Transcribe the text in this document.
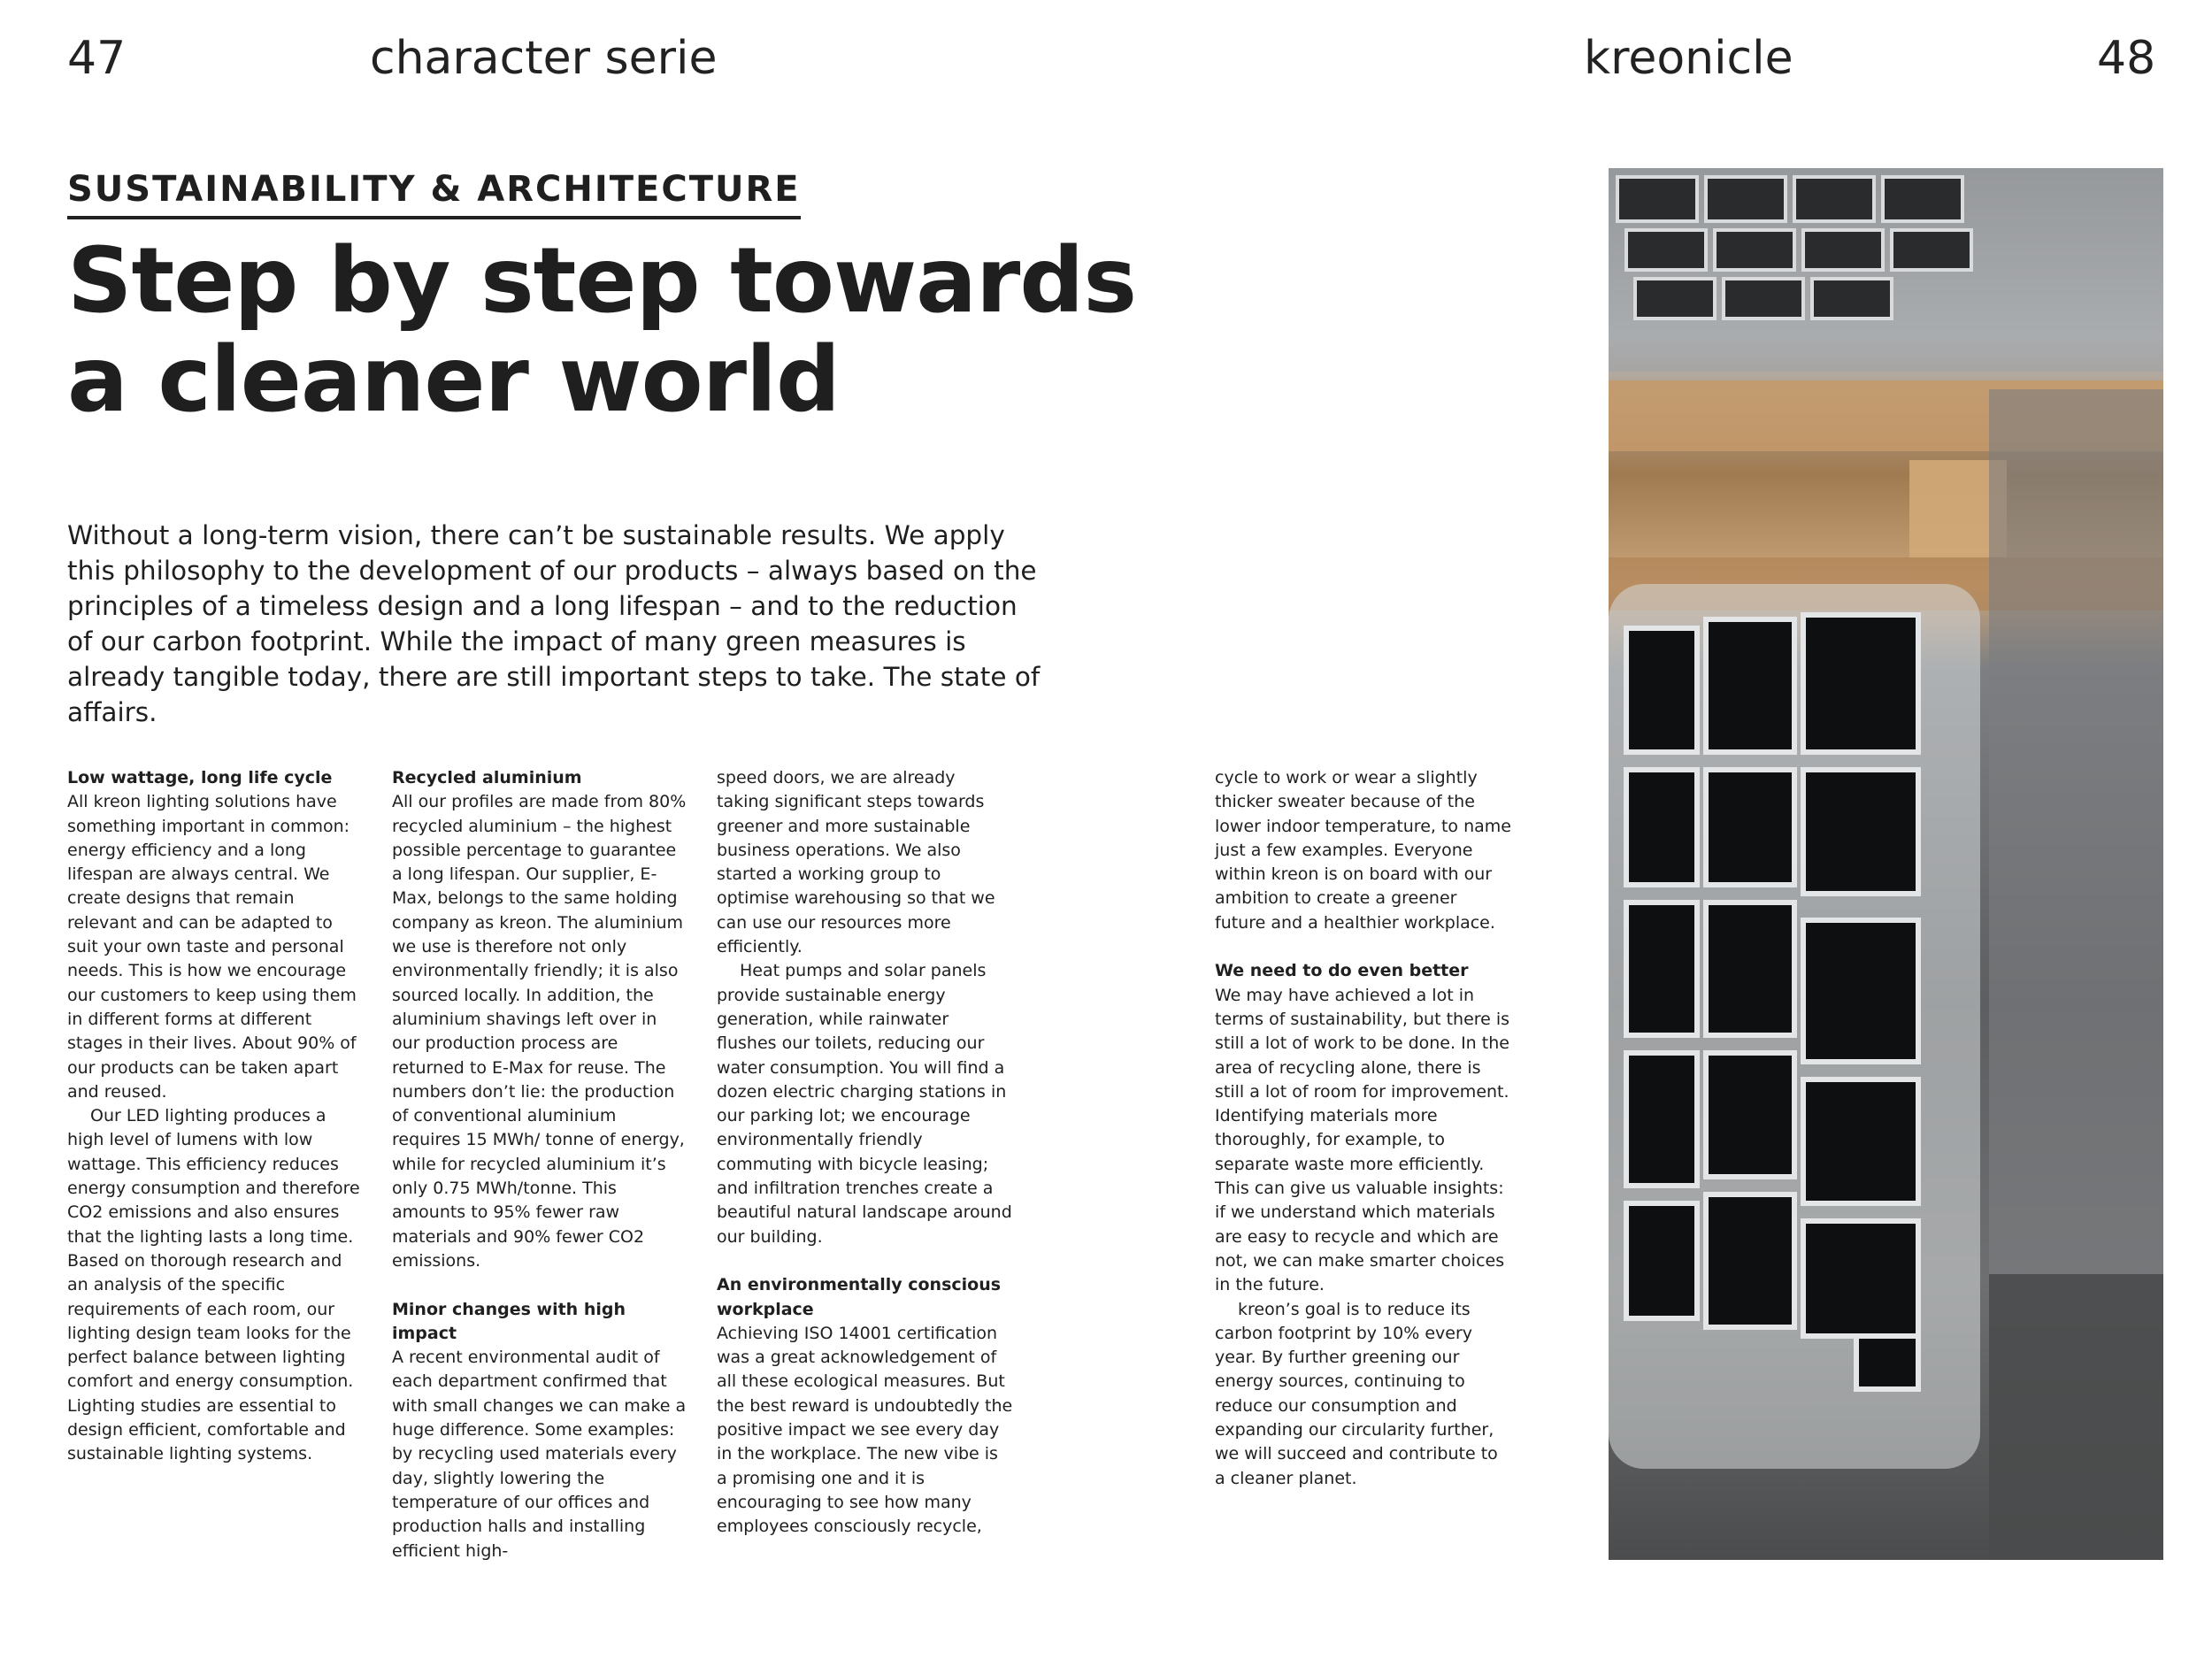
47	character serie	kreonicle	48
SUSTAINABILITY & ARCHITECTURE
Step by step towards
a cleaner world

Without a long-term vision, there can’t be sustainable results. We apply this philosophy to the development of our products – always based on the principles of a timeless design and a long lifespan – and to the reduction of our carbon footprint. While the impact of many green measures is already tangible today, there are still important steps to take. The state of affairs.

Low wattage, long life cycle

All kreon lighting solutions have something important in common: energy efficiency and a long lifespan are always central. We create designs that remain relevant and can be adapted to suit your own taste and personal needs. This is how we encourage our customers to keep using them in different forms at different stages in their lives. About 90% of our products can be taken apart and reused.

Our LED lighting produces a high level of lumens with low wattage. This efficiency reduces energy consumption and therefore CO2 emissions and also ensures that the lighting lasts a long time. Based on thorough research and an analysis of the specific requirements of each room, our lighting design team looks for the perfect balance between lighting comfort and energy consumption. Lighting studies are essential to design efficient, comfortable and sustainable lighting systems.

Recycled aluminium

All our profiles are made from 80% recycled aluminium – the highest possible percentage to guarantee a long lifespan. Our supplier, E-Max, belongs to the same holding company as kreon. The aluminium we use is therefore not only environmentally friendly; it is also sourced locally. In addition, the aluminium shavings left over in our production process are returned to E-Max for reuse. The numbers don’t lie: the production of conventional aluminium requires 15 MWh/ tonne of energy, while for recycled aluminium it’s only 0.75 MWh/tonne. This amounts to 95% fewer raw materials and 90% fewer CO2 emissions.

Minor changes with high impact

A recent environmental audit of each department confirmed that with small changes we can make a huge difference. Some examples: by recycling used materials every day, slightly lowering the temperature of our offices and production halls and installing efficient high-

speed doors, we are already taking significant steps towards greener and more sustainable business operations. We also started a working group to optimise warehousing so that we can use our resources more efficiently.

Heat pumps and solar panels provide sustainable energy generation, while rainwater flushes our toilets, reducing our water consumption. You will find a dozen electric charging stations in our parking lot; we encourage environmentally friendly commuting with bicycle leasing; and infiltration trenches create a beautiful natural landscape around our building.

An environmentally conscious workplace

Achieving ISO 14001 certification was a great acknowledgement of all these ecological measures. But the best reward is undoubtedly the positive impact we see every day in the workplace. The new vibe is a promising one and it is encouraging to see how many employees consciously recycle,

cycle to work or wear a slightly thicker sweater because of the lower indoor temperature, to name just a few examples. Everyone within kreon is on board with our ambition to create a greener future and a healthier workplace.

We need to do even better

We may have achieved a lot in terms of sustainability, but there is still a lot of work to be done. In the area of recycling alone, there is still a lot of room for improvement. Identifying materials more thoroughly, for example, to separate waste more efficiently. This can give us valuable insights: if we understand which materials are easy to recycle and which are not, we can make smarter choices in the future.

kreon’s goal is to reduce its carbon footprint by 10% every year. By further greening our energy sources, continuing to reduce our consumption and expanding our circularity further, we will succeed and contribute to a cleaner planet.
